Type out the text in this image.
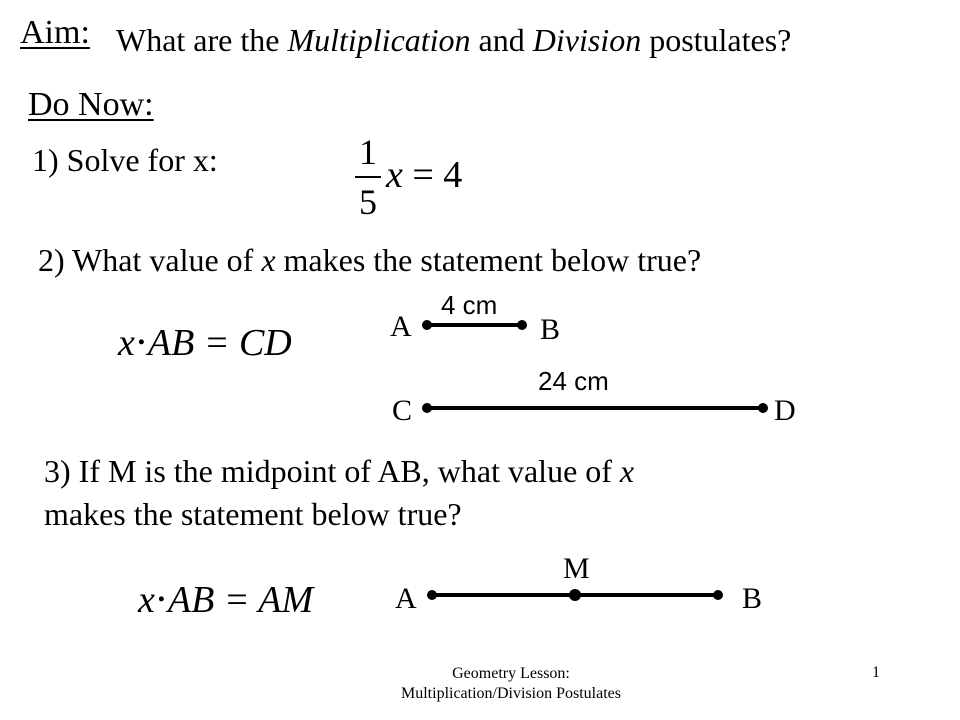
Aim: What are the Multiplication and Division postulates?
Do Now:
1) Solve for x:	1
5
x = 4
2) What value of x makes the statement below true?
x⋅AB = CD
4 cm
A	B
24 cm
C	D
M
A	B
3) If M is the midpoint of AB, what value of x
makes the statement below true?
x⋅AB = AM
Geometry Lesson:
Multiplication/Division Postulates
1
